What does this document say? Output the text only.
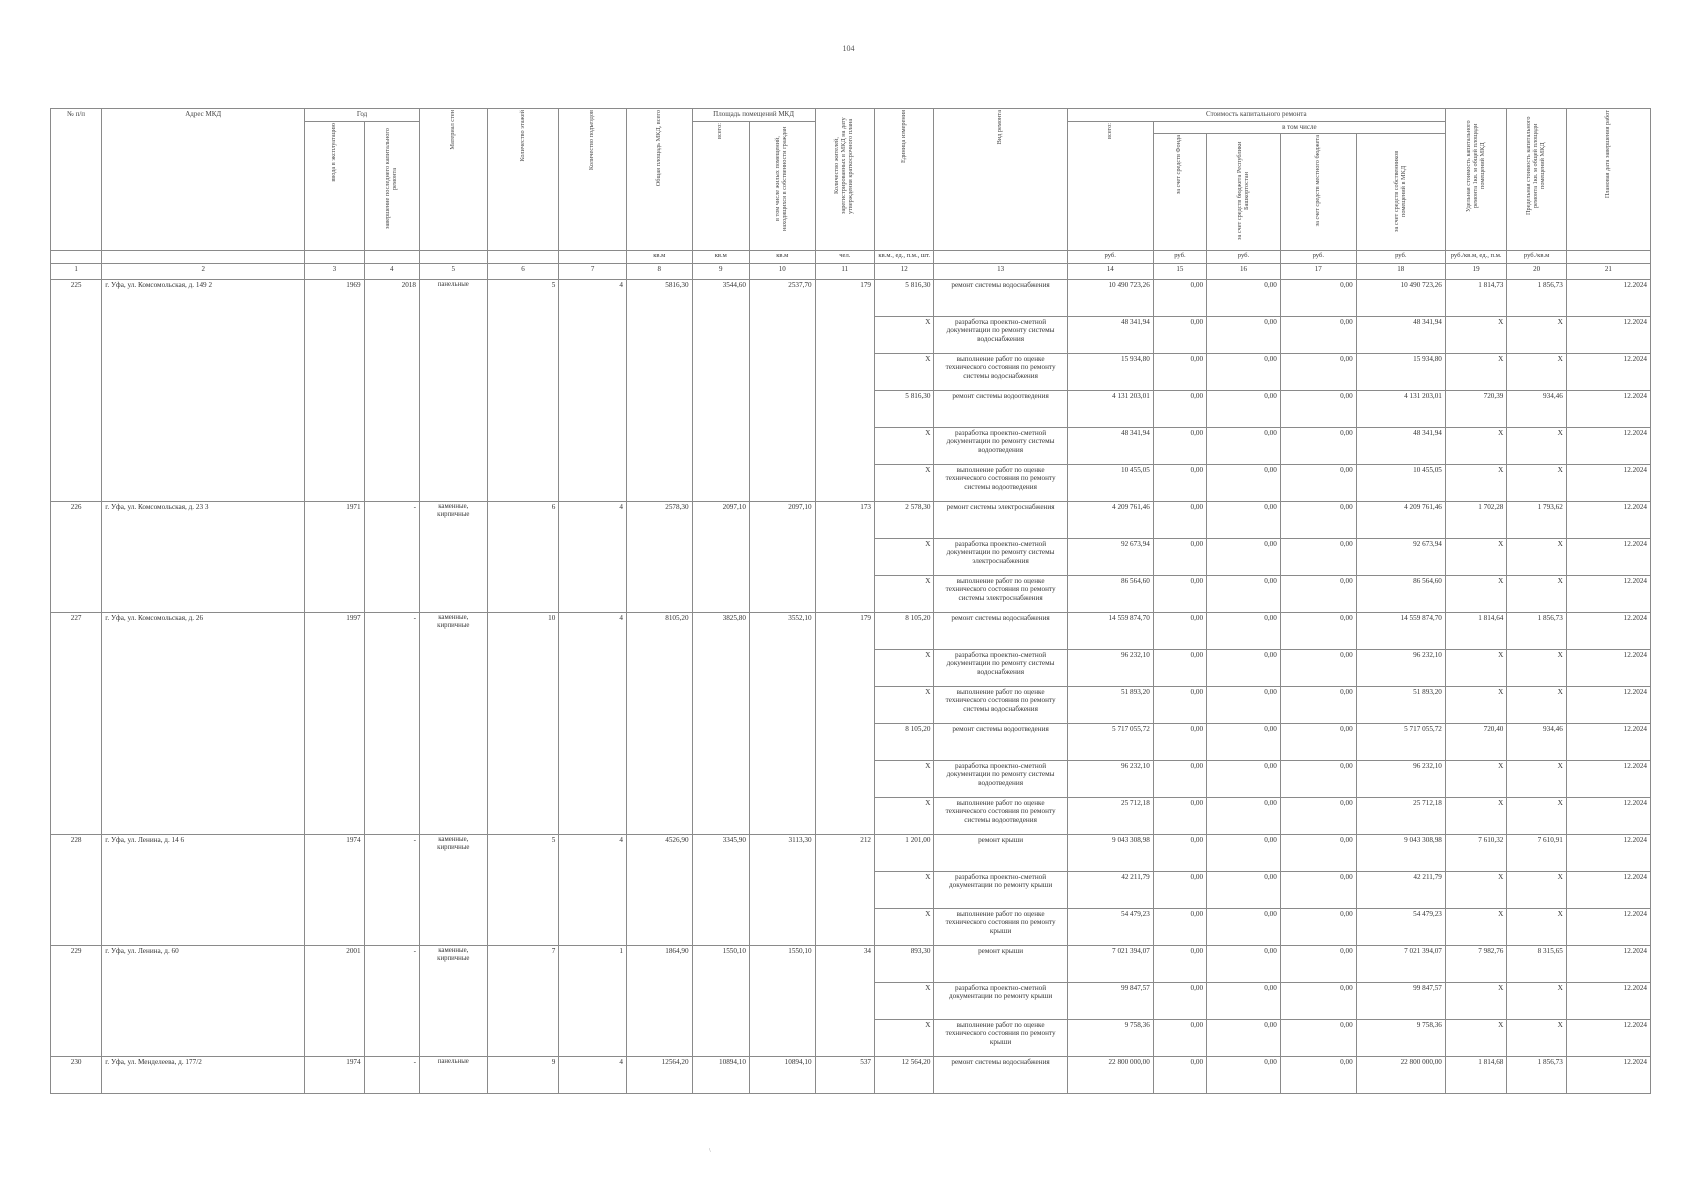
104
\
№ п/п	Адрес МКД	Год		Материал стен	Количество этажей	Количество подъездов	Общая площадь МКД, всего	Площадь помещений МКД		Количество жителей, зарегистрированных в МКД на дату утверждения краткосрочного плана	Единица измерения	Вид ремонта	Стоимость капитального ремонта					Удельная стоимость капитального ремонта 1кв. м общей площади помещений МКД	Предельная стоимость капитального ремонта 1кв. м общей площади помещений МКД	Плановая дата завершения работ
		ввода в эксплуатацию	завершение последнего капитального ремонта					всего:	в том числе жилых помещений, находящихся в собственности граждан				всего:	в том числе						
														за счет средств Фонда	за счет средств бюджета Республики Башкортостан	за счет средств местного бюджета	за счет средств собственников помещений в МКД			
							кв.м	кв.м	кв.м	чел.	кв.м., ед., п.м., шт.		руб.	руб.	руб.	руб.	руб.	руб./кв.м, ед., п.м.	руб./кв.м	
1	2	3	4	5	6	7	8	9	10	11	12	13	14	15	16	17	18	19	20	21
225	г. Уфа, ул. Комсомольская, д. 149 2	1969	2018	панельные	5	4	5816,30	3544,60	2537,70	179	5 816,30	ремонт системы водоснабжения	10 490 723,26	0,00	0,00	0,00	10 490 723,26	1 814,73	1 856,73	12.2024
											X	разработка проектно-сметной документации по ремонту системы водоснабжения	48 341,94	0,00	0,00	0,00	48 341,94	X	X	12.2024
											X	выполнение работ по оценке технического состояния по ремонту системы водоснабжения	15 934,80	0,00	0,00	0,00	15 934,80	X	X	12.2024
											5 816,30	ремонт системы водоотведения	4 131 203,01	0,00	0,00	0,00	4 131 203,01	720,39	934,46	12.2024
											X	разработка проектно-сметной документации по ремонту системы водоотведения	48 341,94	0,00	0,00	0,00	48 341,94	X	X	12.2024
											X	выполнение работ по оценке технического состояния по ремонту системы водоотведения	10 455,05	0,00	0,00	0,00	10 455,05	X	X	12.2024
226	г. Уфа, ул. Комсомольская, д. 23 3	1971	-	каменные, кирпичные	6	4	2578,30	2097,10	2097,10	173	2 578,30	ремонт системы электроснабжения	4 209 761,46	0,00	0,00	0,00	4 209 761,46	1 702,28	1 793,62	12.2024
											X	разработка проектно-сметной документации по ремонту системы электроснабжения	92 673,94	0,00	0,00	0,00	92 673,94	X	X	12.2024
											X	выполнение работ по оценке технического состояния по ремонту системы электроснабжения	86 564,60	0,00	0,00	0,00	86 564,60	X	X	12.2024
227	г. Уфа, ул. Комсомольская, д. 26	1997	-	каменные, кирпичные	10	4	8105,20	3825,80	3552,10	179	8 105,20	ремонт системы водоснабжения	14 559 874,70	0,00	0,00	0,00	14 559 874,70	1 814,64	1 856,73	12.2024
											X	разработка проектно-сметной документации по ремонту системы водоснабжения	96 232,10	0,00	0,00	0,00	96 232,10	X	X	12.2024
											X	выполнение работ по оценке технического состояния по ремонту системы водоснабжения	51 893,20	0,00	0,00	0,00	51 893,20	X	X	12.2024
											8 105,20	ремонт системы водоотведения	5 717 055,72	0,00	0,00	0,00	5 717 055,72	720,40	934,46	12.2024
											X	разработка проектно-сметной документации по ремонту системы водоотведения	96 232,10	0,00	0,00	0,00	96 232,10	X	X	12.2024
											X	выполнение работ по оценке технического состояния по ремонту системы водоотведения	25 712,18	0,00	0,00	0,00	25 712,18	X	X	12.2024
228	г. Уфа, ул. Ленина, д. 14 6	1974	-	каменные, кирпичные	5	4	4526,90	3345,90	3113,30	212	1 201,00	ремонт крыши	9 043 308,98	0,00	0,00	0,00	9 043 308,98	7 610,32	7 610,91	12.2024
											X	разработка проектно-сметной документации по ремонту крыши	42 211,79	0,00	0,00	0,00	42 211,79	X	X	12.2024
											X	выполнение работ по оценке технического состояния по ремонту крыши	54 479,23	0,00	0,00	0,00	54 479,23	X	X	12.2024
229	г. Уфа, ул. Ленина, д. 60	2001	-	каменные, кирпичные	7	1	1864,90	1550,10	1550,10	34	893,30	ремонт крыши	7 021 394,07	0,00	0,00	0,00	7 021 394,07	7 982,76	8 315,65	12.2024
											X	разработка проектно-сметной документации по ремонту крыши	99 847,57	0,00	0,00	0,00	99 847,57	X	X	12.2024
											X	выполнение работ по оценке технического состояния по ремонту крыши	9 758,36	0,00	0,00	0,00	9 758,36	X	X	12.2024
230	г. Уфа, ул. Менделеева, д. 177/2	1974	-	панельные	9	4	12564,20	10894,10	10894,10	537	12 564,20	ремонт системы водоснабжения	22 800 000,00	0,00	0,00	0,00	22 800 000,00	1 814,68	1 856,73	12.2024
